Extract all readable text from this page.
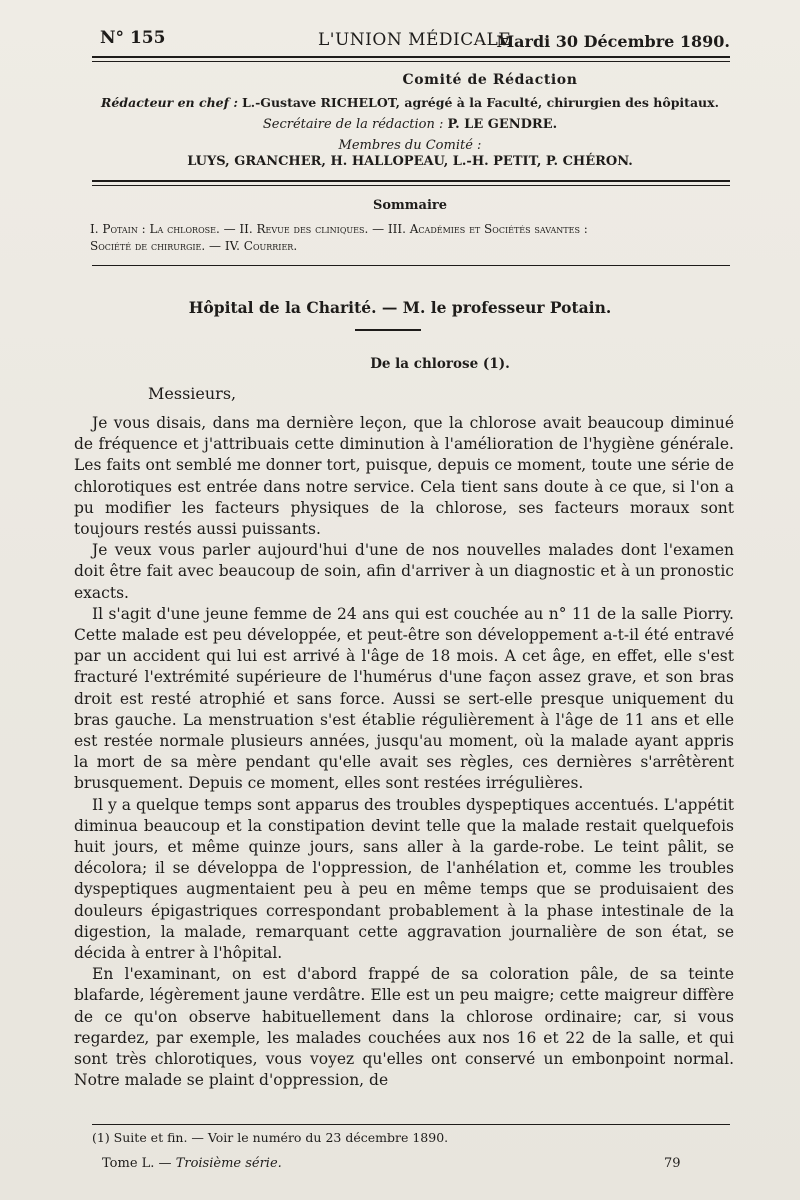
N° 155	L'UNION MÉDICALE
Mardi 30 Décembre 1890.
Comité de Rédaction
Rédacteur en chef : L.-Gustave RICHELOT, agrégé à la Faculté, chirurgien des hôpitaux.
Secrétaire de la rédaction : P. LE GENDRE.
Membres du Comité :
LUYS, GRANCHER, H. HALLOPEAU, L.-H. PETIT, P. CHÉRON.
Sommaire
I. Potain : La chlorose. — II. Revue des cliniques. — III. Académies et Sociétés savantes :
Société de chirurgie. — IV. Courrier.
Hôpital de la Charité. — M. le professeur Potain.
De la chlorose (1).
Messieurs,

Je vous disais, dans ma dernière leçon, que la chlorose avait beaucoup diminué de fréquence et j'attribuais cette diminution à l'amélioration de l'hygiène générale. Les faits ont semblé me donner tort, puisque, depuis ce moment, toute une série de chlorotiques est entrée dans notre service. Cela tient sans doute à ce que, si l'on a pu modifier les facteurs physiques de la chlorose, ses facteurs moraux sont toujours restés aussi puissants.

Je veux vous parler aujourd'hui d'une de nos nouvelles malades dont l'examen doit être fait avec beaucoup de soin, afin d'arriver à un diagnostic et à un pronostic exacts.

Il s'agit d'une jeune femme de 24 ans qui est couchée au n° 11 de la salle Piorry. Cette malade est peu développée, et peut-être son développement a-t-il été entravé par un accident qui lui est arrivé à l'âge de 18 mois. A cet âge, en effet, elle s'est fracturé l'extrémité supérieure de l'humérus d'une façon assez grave, et son bras droit est resté atrophié et sans force. Aussi se sert-elle presque uniquement du bras gauche. La menstruation s'est établie régulièrement à l'âge de 11 ans et elle est restée normale plusieurs années, jusqu'au moment, où la malade ayant appris la mort de sa mère pendant qu'elle avait ses règles, ces dernières s'arrêtèrent brusquement. Depuis ce moment, elles sont restées irrégulières.

Il y a quelque temps sont apparus des troubles dyspeptiques accentués. L'appétit diminua beaucoup et la constipation devint telle que la malade restait quelquefois huit jours, et même quinze jours, sans aller à la garde-robe. Le teint pâlit, se décolora; il se développa de l'oppression, de l'anhélation et, comme les troubles dyspeptiques augmentaient peu à peu en même temps que se produisaient des douleurs épigastriques correspondant probablement à la phase intestinale de la digestion, la malade, remarquant cette aggravation journalière de son état, se décida à entrer à l'hôpital.

En l'examinant, on est d'abord frappé de sa coloration pâle, de sa teinte blafarde, légèrement jaune verdâtre. Elle est un peu maigre; cette maigreur diffère de ce qu'on observe habituellement dans la chlorose ordinaire; car, si vous regardez, par exemple, les malades couchées aux nos 16 et 22 de la salle, et qui sont très chlorotiques, vous voyez qu'elles ont conservé un embonpoint normal. Notre malade se plaint d'oppression, de

(1) Suite et fin. — Voir le numéro du 23 décembre 1890.
Tome L. — Troisième série.	79
